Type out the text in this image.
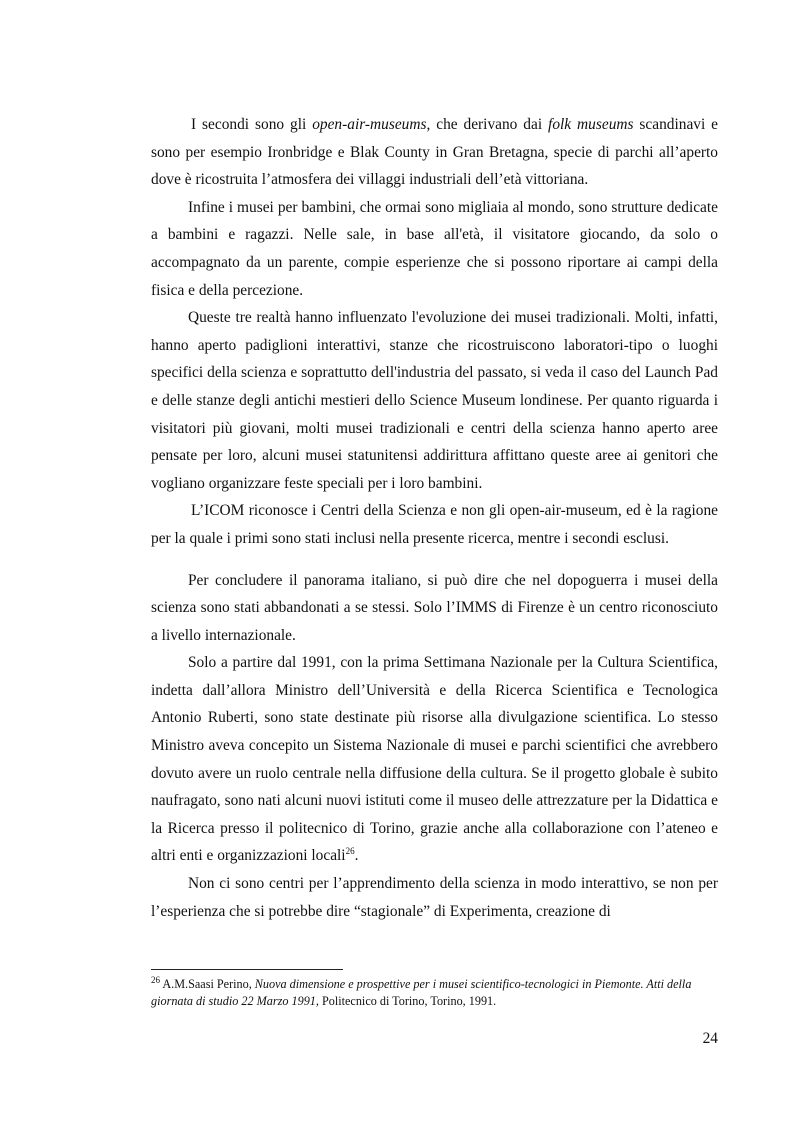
I secondi sono gli open-air-museums, che derivano dai folk museums scandinavi e sono per esempio Ironbridge e Blak County in Gran Bretagna, specie di parchi all’aperto dove è ricostruita l’atmosfera dei villaggi industriali dell’età vittoriana.

Infine i musei per bambini, che ormai sono migliaia al mondo, sono strutture dedicate a bambini e ragazzi. Nelle sale, in base all'età, il visitatore giocando, da solo o accompagnato da un parente, compie esperienze che si possono riportare ai campi della fisica e della percezione.

Queste tre realtà hanno influenzato l'evoluzione dei musei tradizionali. Molti, infatti, hanno aperto padiglioni interattivi, stanze che ricostruiscono laboratori-tipo o luoghi specifici della scienza e soprattutto dell'industria del passato, si veda il caso del Launch Pad e delle stanze degli antichi mestieri dello Science Museum londinese. Per quanto riguarda i visitatori più giovani, molti musei tradizionali e centri della scienza hanno aperto aree pensate per loro, alcuni musei statunitensi addirittura affittano queste aree ai genitori che vogliano organizzare feste speciali per i loro bambini.

L’ICOM riconosce i Centri della Scienza e non gli open-air-museum, ed è la ragione per la quale i primi sono stati inclusi nella presente ricerca, mentre i secondi esclusi.

Per concludere il panorama italiano, si può dire che nel dopoguerra i musei della scienza sono stati abbandonati a se stessi. Solo l’IMMS di Firenze è un centro riconosciuto a livello internazionale.

Solo a partire dal 1991, con la prima Settimana Nazionale per la Cultura Scientifica, indetta dall’allora Ministro dell’Università e della Ricerca Scientifica e Tecnologica Antonio Ruberti, sono state destinate più risorse alla divulgazione scientifica. Lo stesso Ministro aveva concepito un Sistema Nazionale di musei e parchi scientifici che avrebbero dovuto avere un ruolo centrale nella diffusione della cultura. Se il progetto globale è subito naufragato, sono nati alcuni nuovi istituti come il museo delle attrezzature per la Didattica e la Ricerca presso il politecnico di Torino, grazie anche alla collaborazione con l’ateneo e altri enti e organizzazioni locali$^{26}$.

Non ci sono centri per l’apprendimento della scienza in modo interattivo, se non per l’esperienza che si potrebbe dire “stagionale” di Experimenta, creazione di

$^{26}$ A.M.Saasi Perino, Nuova dimensione e prospettive per i musei scientifico-tecnologici in Piemonte. Atti della giornata di studio 22 Marzo 1991, Politecnico di Torino, Torino, 1991.
24
